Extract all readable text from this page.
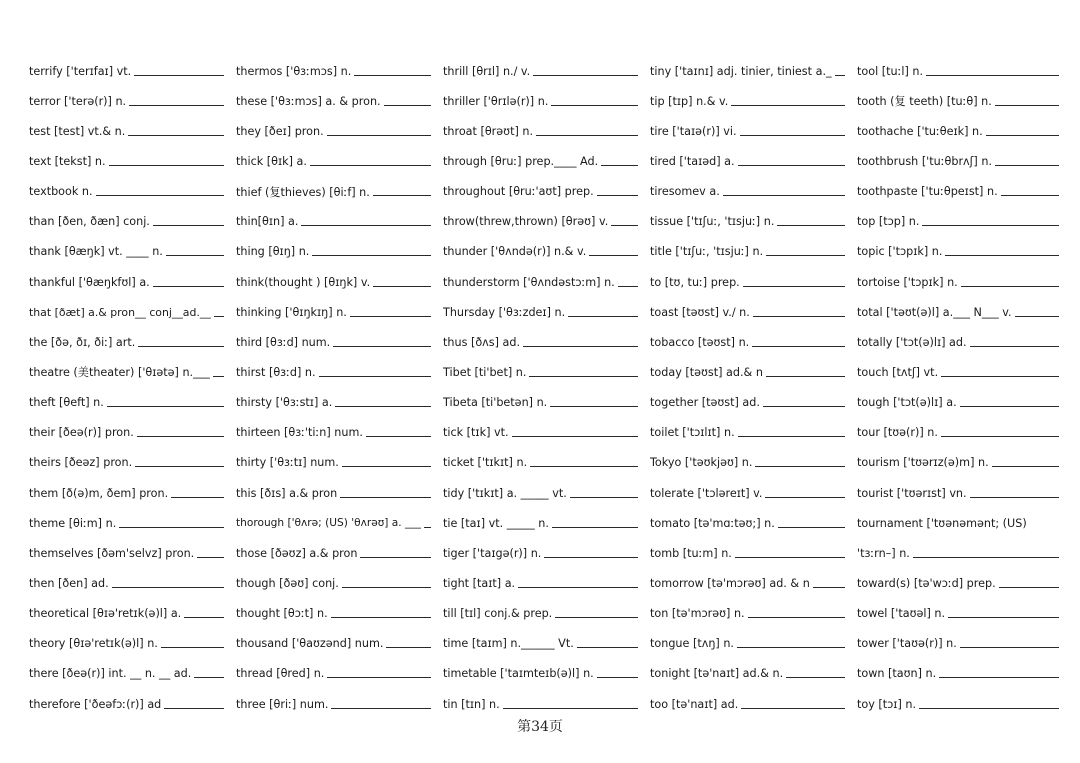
terrify ['terɪfaɪ] vt.
terror ['terə(r)] n.
test [test] vt.& n.
text [tekst] n.
textbook n.
than [ðen, ðæn] conj.
thank [θæŋk] vt. ____ n.
thankful ['θæŋkfʊl] a.
that [ðæt] a.& pron__ conj__ad.__
the [ðə, ðɪ, ðiː] art.
theatre (美theater) ['θɪətə] n.___
theft [θeft] n.
their [ðeə(r)] pron.
theirs [ðeəz] pron.
them [ð(ə)m, ðem] pron.
theme [θiːm] n.
themselves [ðəm'selvz] pron.
then [ðen] ad.
theoretical [θɪə'retɪk(ə)l] a.
theory [θɪə'retɪk(ə)l] n.
there [ðeə(r)] int. __ n. __ ad.
therefore ['ðeəfɔː(r)] ad
thermos ['θɜːmɔs] n.
these ['θɜːmɔs] a. & pron.
they [ðeɪ] pron.
thick [θɪk] a.
thief (复thieves) [θiːf] n.
thin[θɪn] a.
thing [θɪŋ] n.
think(thought ) [θɪŋk] v.
thinking ['θɪŋkɪŋ] n.
third [θɜːd] num.
thirst [θɜːd] n.
thirsty ['θɜːstɪ] a.
thirteen [θɜː'tiːn] num.
thirty ['θɜːtɪ] num.
this [ðɪs] a.& pron
thorough ['θʌrə; (US) 'θʌrəʊ] a. ___
those [ðəʊz] a.& pron
though [ðəʊ] conj.
thought [θɔːt] n.
thousand ['θaʊzənd] num.
thread [θred] n.
three [θriː] num.
thrill [θrɪl] n./ v.
thriller ['θrɪlə(r)] n.
throat [θrəʊt] n.
through [θruː] prep.____ Ad.
throughout [θruː'aʊt] prep.
throw(threw,thrown) [θrəʊ] v.
thunder ['θʌndə(r)] n.& v.
thunderstorm ['θʌndəstɔːm] n.
Thursday ['θɜːzdeɪ] n.
thus [ðʌs] ad.
Tibet [ti'bet] n.
Tibeta [ti'betən] n.
tick [tɪk] vt.
ticket ['tɪkɪt] n.
tidy ['tɪkɪt] a. _____ vt.
tie [taɪ] vt. _____ n.
tiger ['taɪgə(r)] n.
tight [taɪt] a.
till [tɪl] conj.& prep.
time [taɪm] n.______ Vt.
timetable ['taɪmteɪb(ə)l] n.
tin [tɪn] n.
tiny ['taɪnɪ] adj. tinier, tiniest a._
tip [tɪp] n.& v.
tire ['taɪə(r)] vi.
tired ['taɪəd] a.
tiresomev a.
tissue ['tɪʃuː, 'tɪsjuː] n.
title ['tɪʃuː, 'tɪsjuː] n.
to [tʊ, tuː] prep.
toast [təʊst] v./ n.
tobacco [təʊst] n.
today [təʊst] ad.& n
together [təʊst] ad.
toilet ['tɔɪlɪt] n.
Tokyo ['təʊkjəʊ] n.
tolerate ['tɔləreɪt] v.
tomato [tə'mɑːtəʊ;] n.
tomb [tuːm] n.
tomorrow [tə'mɔrəʊ] ad. & n
ton [tə'mɔrəʊ] n.
tongue [tʌŋ] n.
tonight [tə'naɪt] ad.& n.
too [tə'naɪt] ad.
tool [tuːl] n.
tooth (复 teeth) [tuːθ] n.
toothache ['tuːθeɪk] n.
toothbrush ['tuːθbrʌʃ] n.
toothpaste ['tuːθpeɪst] n.
top [tɔp] n.
topic ['tɔpɪk] n.
tortoise ['tɔpɪk] n.
total ['təʊt(ə)l] a.___ N___ v.
totally ['tɔt(ə)lɪ] ad.
touch [tʌtʃ] vt.
tough ['tɔt(ə)lɪ] a.
tour [tʊə(r)] n.
tourism ['tʊərɪz(ə)m] n.
tourist ['tʊərɪst] vn.
tournament ['tʊənəmənt; (US)
'tɜːrn–] n.
toward(s) [tə'wɔːd] prep.
towel ['taʊəl] n.
tower ['taʊə(r)] n.
town [taʊn] n.
toy [tɔɪ] n.
第34页
